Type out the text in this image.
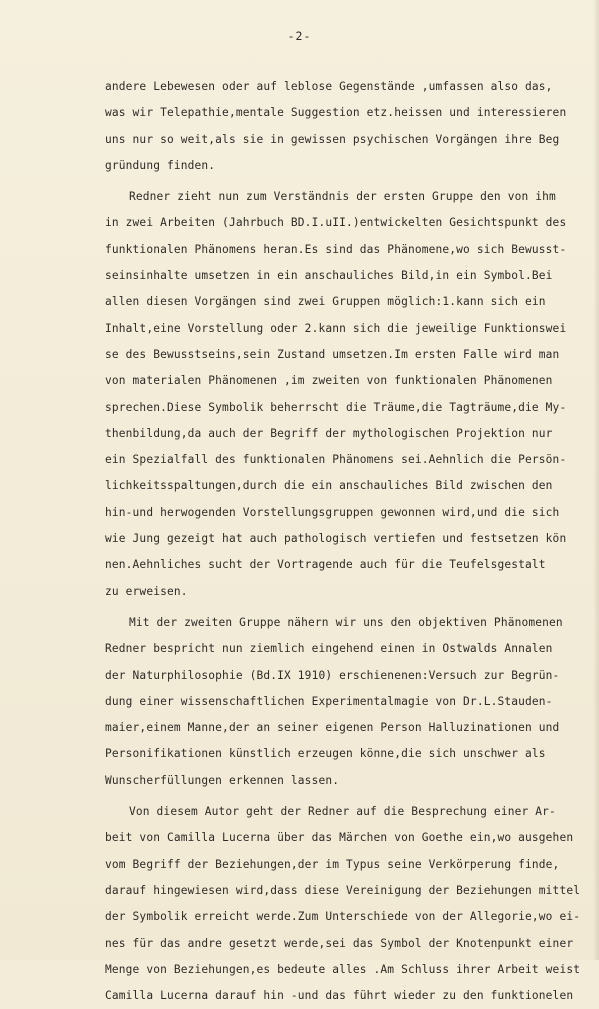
-2-
andere Lebewesen oder auf leblose Gegenstände ,umfassen also das,
was wir Telepathie,mentale Suggestion etz.heissen und interessieren
uns nur so weit,als sie in gewissen psychischen Vorgängen ihre Beg
gründung finden.
Redner zieht nun zum Verständnis der ersten Gruppe den von ihm
in zwei Arbeiten (Jahrbuch BD.I.uII.)entwickelten Gesichtspunkt des
funktionalen Phänomens heran.Es sind das Phänomene,wo sich Bewusst-
seinsinhalte umsetzen in ein anschauliches Bild,in ein Symbol.Bei
allen diesen Vorgängen sind zwei Gruppen möglich:1.kann sich ein
Inhalt,eine Vorstellung oder 2.kann sich die jeweilige Funktionswei
se des Bewusstseins,sein Zustand umsetzen.Im ersten Falle wird man
von materialen Phänomenen ,im zweiten von funktionalen Phänomenen
sprechen.Diese Symbolik beherrscht die Träume,die Tagträume,die My-
thenbildung,da auch der Begriff der mythologischen Projektion nur
ein Spezialfall des funktionalen Phänomens sei.Aehnlich die Persön-
lichkeitsspaltungen,durch die ein anschauliches Bild zwischen den
hin-und herwogenden Vorstellungsgruppen gewonnen wird,und die sich
wie Jung gezeigt hat auch pathologisch vertiefen und festsetzen kön
nen.Aehnliches sucht der Vortragende auch für die Teufelsgestalt
zu erweisen.
Mit der zweiten Gruppe nähern wir uns den objektiven Phänomenen
Redner bespricht nun ziemlich eingehend einen in Ostwalds Annalen
der Naturphilosophie (Bd.IX 1910) erschienenen:Versuch zur Begrün-
dung einer wissenschaftlichen Experimentalmagie von Dr.L.Stauden-
maier,einem Manne,der an seiner eigenen Person Halluzinationen und
Personifikationen künstlich erzeugen könne,die sich unschwer als
Wunscherfüllungen erkennen lassen.
Von diesem Autor geht der Redner auf die Besprechung einer Ar-
beit von Camilla Lucerna über das Märchen von Goethe ein,wo ausgehen
vom Begriff der Beziehungen,der im Typus seine Verkörperung finde,
darauf hingewiesen wird,dass diese Vereinigung der Beziehungen mittel
der Symbolik erreicht werde.Zum Unterschiede von der Allegorie,wo ei-
nes für das andre gesetzt werde,sei das Symbol der Knotenpunkt einer
Menge von Beziehungen,es bedeute alles .Am Schluss ihrer Arbeit weist
Camilla Lucerna darauf hin -und das führt wieder zu den funktionelen
